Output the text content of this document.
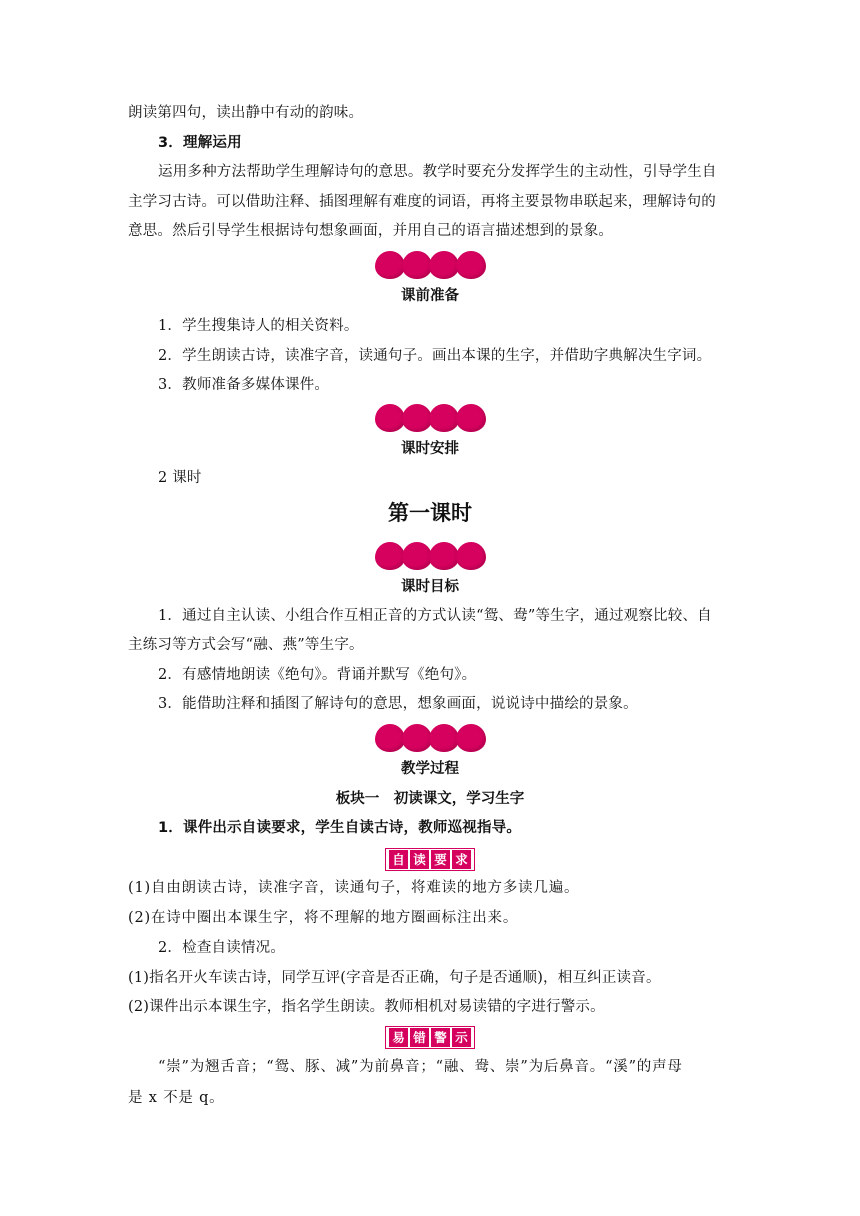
朗读第四句，读出静中有动的韵味。
3．理解运用
运用多种方法帮助学生理解诗句的意思。教学时要充分发挥学生的主动性，引导学生自
主学习古诗。可以借助注释、插图理解有难度的词语，再将主要景物串联起来，理解诗句的
意思。然后引导学生根据诗句想象画面，并用自己的语言描述想到的景象。
课前准备
1．学生搜集诗人的相关资料。
2．学生朗读古诗，读准字音，读通句子。画出本课的生字，并借助字典解决生字词。
3．教师准备多媒体课件。
课时安排
2 课时
第一课时
课时目标
1．通过自主认读、小组合作互相正音的方式认读“鸳、鸯”等生字，通过观察比较、自
主练习等方式会写“融、燕”等生字。
2．有感情地朗读《绝句》。背诵并默写《绝句》。
3．能借助注释和插图了解诗句的意思，想象画面，说说诗中描绘的景象。
教学过程
板块一　初读课文，学习生字
1．课件出示自读要求，学生自读古诗，教师巡视指导。
自 读 要 求
(1)自由朗读古诗，读准字音，读通句子，将难读的地方多读几遍。
(2)在诗中圈出本课生字，将不理解的地方圈画标注出来。
2．检查自读情况。
(1)指名开火车读古诗，同学互评(字音是否正确，句子是否通顺)，相互纠正读音。
(2)课件出示本课生字，指名学生朗读。教师相机对易读错的字进行警示。
易 错 警 示
“崇”为翘舌音；“鸳、豚、减”为前鼻音；“融、鸯、崇”为后鼻音。“溪”的声母
是 x 不是 q。
